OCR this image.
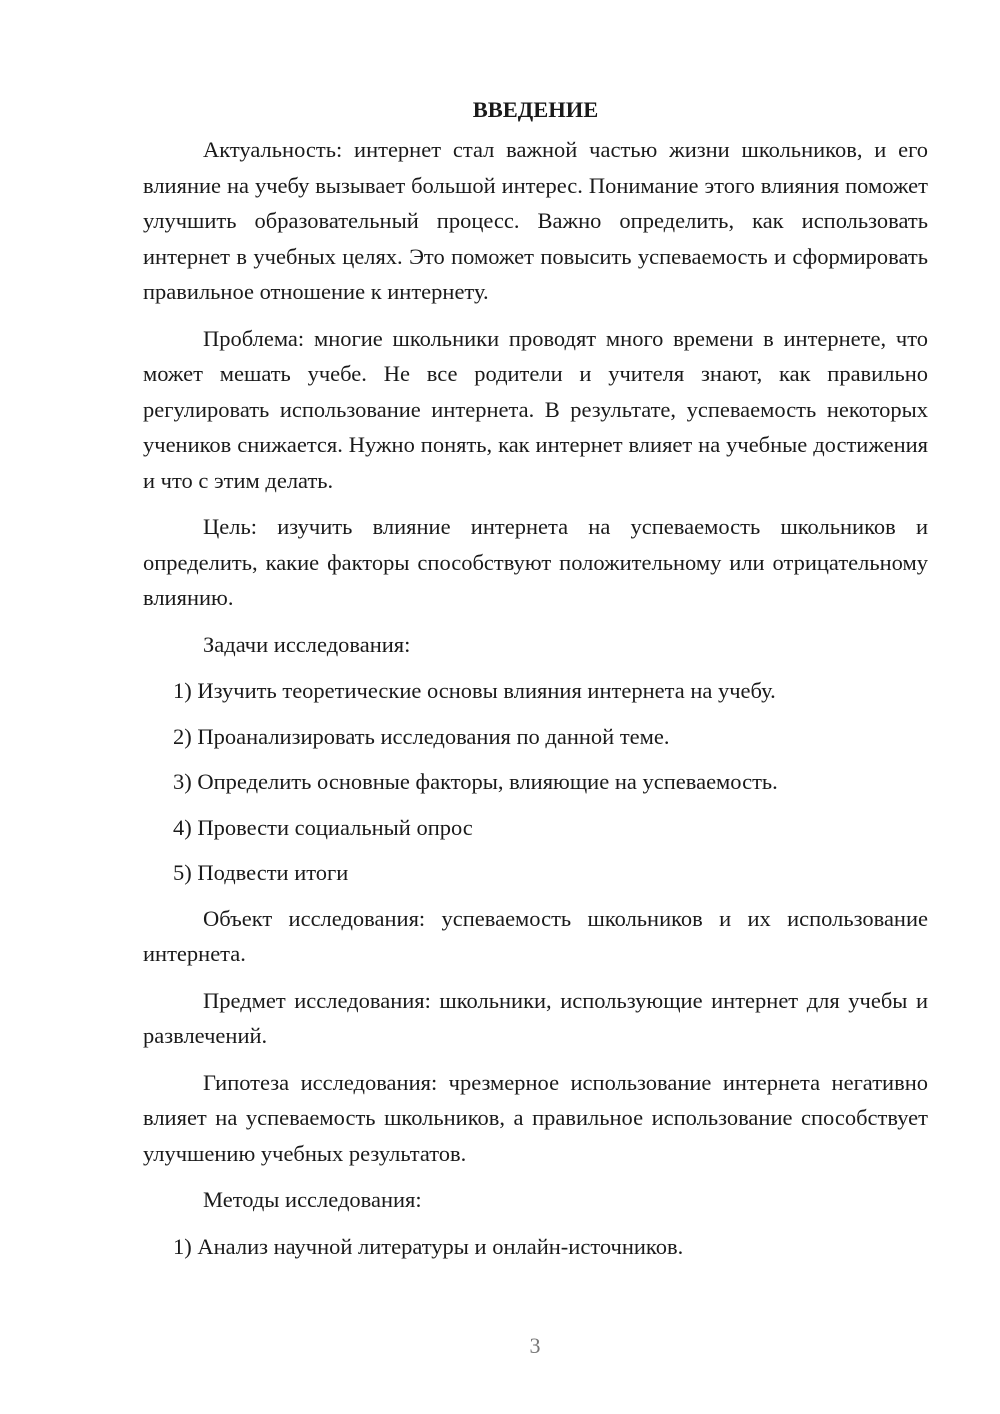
ВВЕДЕНИЕ

Актуальность: интернет стал важной частью жизни школьников, и его влияние на учебу вызывает большой интерес. Понимание этого влияния поможет улучшить образовательный процесс. Важно определить, как использовать интернет в учебных целях. Это поможет повысить успеваемость и сформировать правильное отношение к интернету.

Проблема: многие школьники проводят много времени в интернете, что может мешать учебе. Не все родители и учителя знают, как правильно регулировать использование интернета. В результате, успеваемость некоторых учеников снижается. Нужно понять, как интернет влияет на учебные достижения и что с этим делать.

Цель: изучить влияние интернета на успеваемость школьников и определить, какие факторы способствуют положительному или отрицательному влиянию.

Задачи исследования:

1) Изучить теоретические основы влияния интернета на учебу.
2) Проанализировать исследования по данной теме.
3) Определить основные факторы, влияющие на успеваемость.
4) Провести социальный опрос
5) Подвести итоги

Объект исследования: успеваемость школьников и их использование интернета.

Предмет исследования: школьники, использующие интернет для учебы и развлечений.

Гипотеза исследования: чрезмерное использование интернета негативно влияет на успеваемость школьников, а правильное использование способствует улучшению учебных результатов.

Методы исследования:

1) Анализ научной литературы и онлайн-источников.
3
